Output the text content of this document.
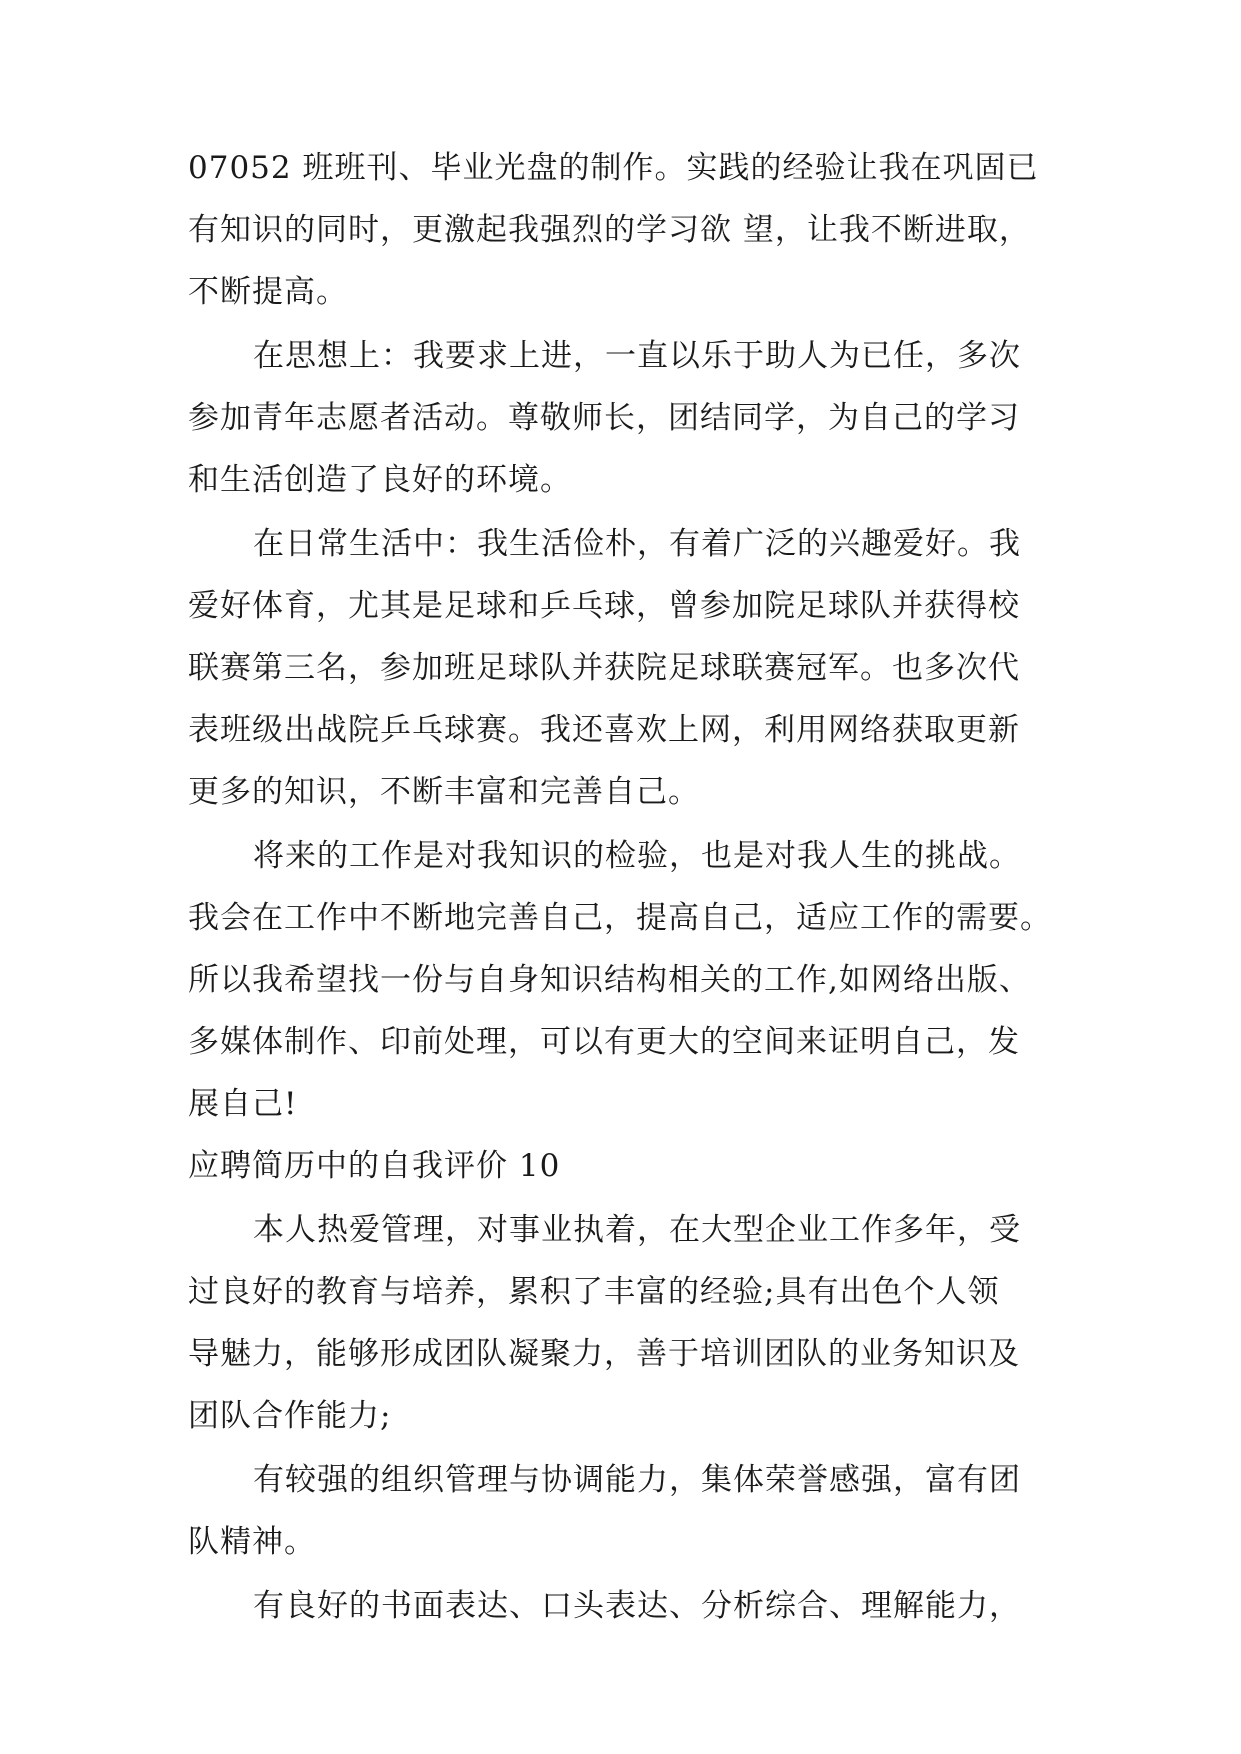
07052 班班刊、毕业光盘的制作。实践的经验让我在巩固已
有知识的同时，更激起我强烈的学习欲 望，让我不断进取，
不断提高。
在思想上：我要求上进，一直以乐于助人为已任，多次
参加青年志愿者活动。尊敬师长，团结同学，为自己的学习
和生活创造了良好的环境。
在日常生活中：我生活俭朴，有着广泛的兴趣爱好。我
爱好体育，尤其是足球和乒乓球，曾参加院足球队并获得校
联赛第三名，参加班足球队并获院足球联赛冠军。也多次代
表班级出战院乒乓球赛。我还喜欢上网，利用网络获取更新
更多的知识，不断丰富和完善自己。
将来的工作是对我知识的检验，也是对我人生的挑战。
我会在工作中不断地完善自己，提高自己，适应工作的需要。
所以我希望找一份与自身知识结构相关的工作,如网络出版、
多媒体制作、印前处理，可以有更大的空间来证明自己，发
展自己!
应聘简历中的自我评价 10
本人热爱管理，对事业执着，在大型企业工作多年，受
过良好的教育与培养，累积了丰富的经验;具有出色个人领
导魅力，能够形成团队凝聚力，善于培训团队的业务知识及
团队合作能力;
有较强的组织管理与协调能力，集体荣誉感强，富有团
队精神。
有良好的书面表达、口头表达、分析综合、理解能力，
